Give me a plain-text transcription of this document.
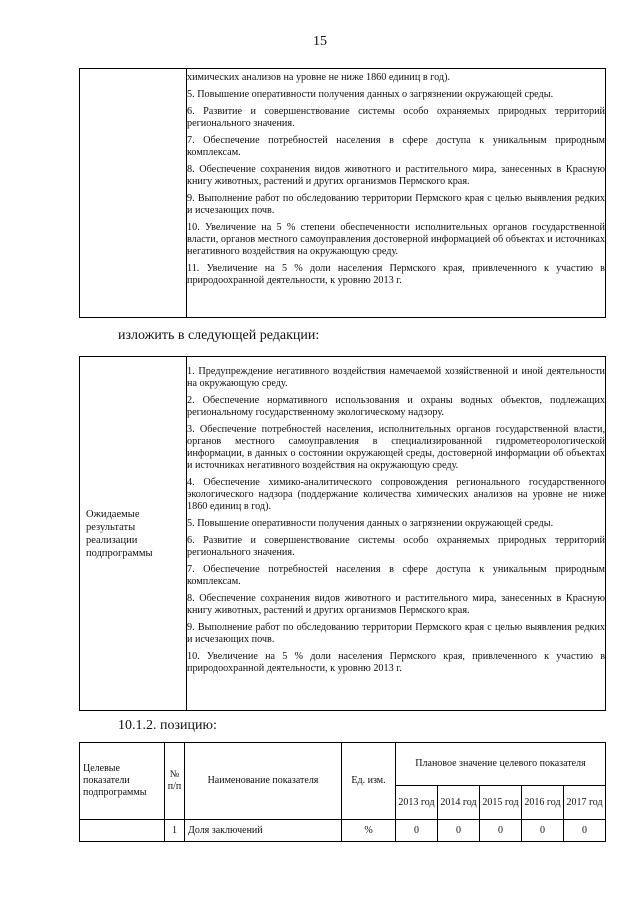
15

химических анализов на уровне не ниже 1860 единиц в год).
5. Повышение оперативности получения данных о загрязнении окружающей среды.
6. Развитие и совершенствование системы особо охраняемых природных территорий регионального значения.
7. Обеспечение потребностей населения в сфере доступа к уникальным природным комплексам.
8. Обеспечение сохранения видов животного и растительного мира, занесенных в Красную книгу животных, растений и других организмов Пермского края.
9. Выполнение работ по обследованию территории Пермского края с целью выявления редких и исчезающих почв.
10. Увеличение на 5 % степени обеспеченности исполнительных органов государственной власти, органов местного самоуправления достоверной информацией об объектах и источниках негативного воздействия на окружающую среду.
11. Увеличение на 5 % доли населения Пермского края, привлеченного к участию в природоохранной деятельности, к уровню 2013 г.
изложить в следующей редакции:
Ожидаемые результаты реализации подпрограммы	
1. Предупреждение негативного воздействия намечаемой хозяйственной и иной деятельности на окружающую среду.
2. Обеспечение нормативного использования и охраны водных объектов, подлежащих региональному государственному экологическому надзору.
3. Обеспечение потребностей населения, исполнительных органов государственной власти, органов местного самоуправления в специализированной гидрометеорологической информации, в данных о состоянии окружающей среды, достоверной информации об объектах и источниках негативного воздействия на окружающую среду.
4. Обеспечение химико-аналитического сопровождения регионального государственного экологического надзора (поддержание количества химических анализов на уровне не ниже 1860 единиц в год).
5. Повышение оперативности получения данных о загрязнении окружающей среды.
6. Развитие и совершенствование системы особо охраняемых природных территорий регионального значения.
7. Обеспечение потребностей населения в сфере доступа к уникальным природным комплексам.
8. Обеспечение сохранения видов животного и растительного мира, занесенных в Красную книгу животных, растений и других организмов Пермского края.
9. Выполнение работ по обследованию территории Пермского края с целью выявления редких и исчезающих почв.
10. Увеличение на 5 % доли населения Пермского края, привлеченного к участию в природоохранной деятельности, к уровню 2013 г.
10.1.2. позицию:
Целевые показатели подпрограммы	№ п/п	Наименование показателя	Ед. изм.	Плановое значение целевого показателя				
				2013 год	2014 год	2015 год	2016 год	2017 год
	1	Доля заключений	%	0	0	0	0	0
